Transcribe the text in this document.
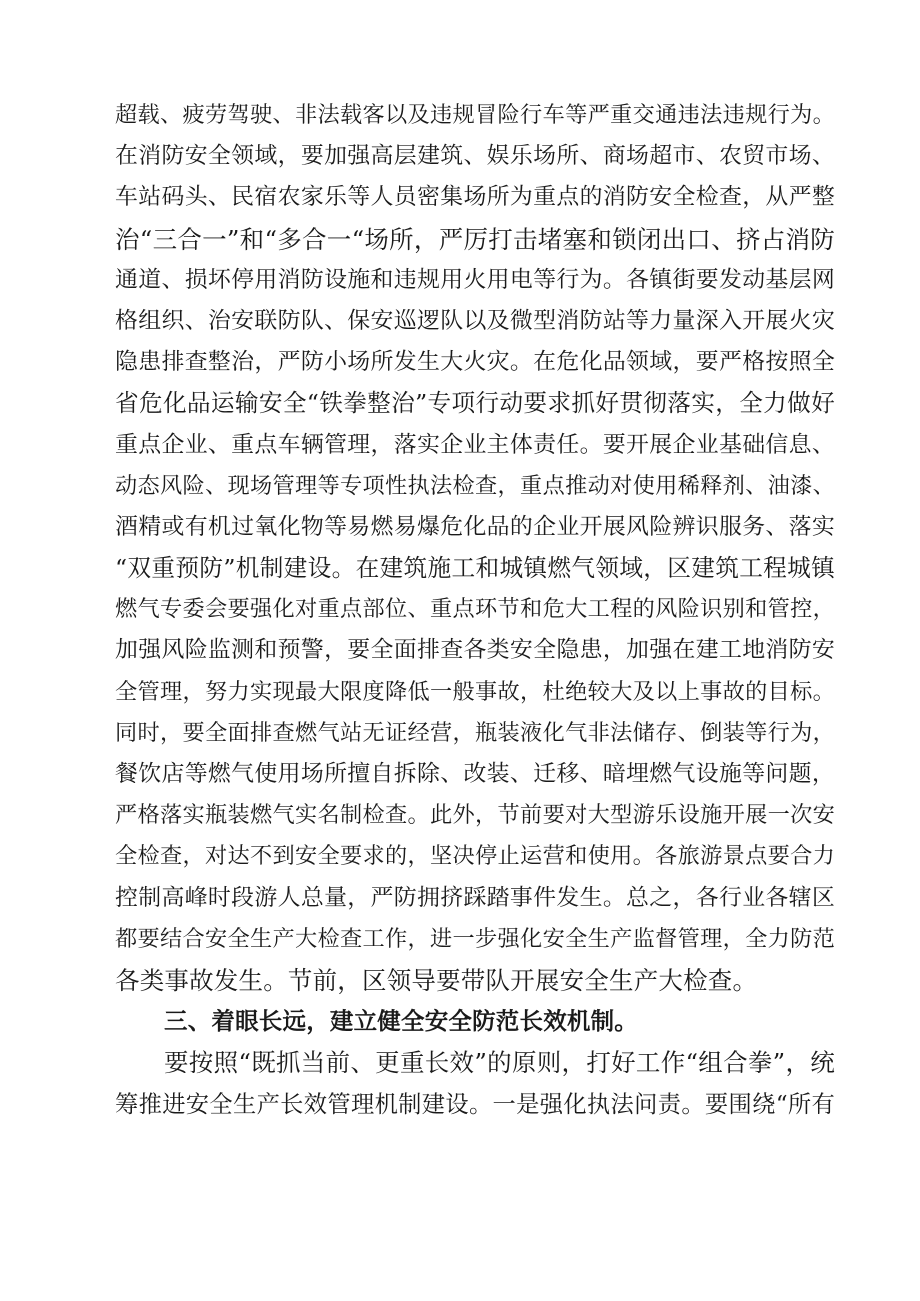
超载、疲劳驾驶、非法载客以及违规冒险行车等严重交通违法违规行为。
在消防安全领域，要加强高层建筑、娱乐场所、商场超市、农贸市场、
车站码头、民宿农家乐等人员密集场所为重点的消防安全检查，从严整
治“三合一”和“多合一“场所，严厉打击堵塞和锁闭出口、挤占消防
通道、损坏停用消防设施和违规用火用电等行为。各镇街要发动基层网
格组织、治安联防队、保安巡逻队以及微型消防站等力量深入开展火灾
隐患排查整治，严防小场所发生大火灾。在危化品领域，要严格按照全
省危化品运输安全“铁拳整治”专项行动要求抓好贯彻落实，全力做好
重点企业、重点车辆管理，落实企业主体责任。要开展企业基础信息、
动态风险、现场管理等专项性执法检查，重点推动对使用稀释剂、油漆、
酒精或有机过氧化物等易燃易爆危化品的企业开展风险辨识服务、落实
“双重预防”机制建设。在建筑施工和城镇燃气领域，区建筑工程城镇
燃气专委会要强化对重点部位、重点环节和危大工程的风险识别和管控，
加强风险监测和预警，要全面排查各类安全隐患，加强在建工地消防安
全管理，努力实现最大限度降低一般事故，杜绝较大及以上事故的目标。
同时，要全面排查燃气站无证经营，瓶装液化气非法储存、倒装等行为，
餐饮店等燃气使用场所擅自拆除、改装、迁移、暗埋燃气设施等问题，
严格落实瓶装燃气实名制检查。此外，节前要对大型游乐设施开展一次安
全检查，对达不到安全要求的，坚决停止运营和使用。各旅游景点要合力
控制高峰时段游人总量，严防拥挤踩踏事件发生。总之，各行业各辖区
都要结合安全生产大检查工作，进一步强化安全生产监督管理，全力防范
各类事故发生。节前，区领导要带队开展安全生产大检查。
三、着眼长远，建立健全安全防范长效机制。
要按照“既抓当前、更重长效”的原则，打好工作“组合拳”，统
筹推进安全生产长效管理机制建设。一是强化执法问责。要围绕“所有
